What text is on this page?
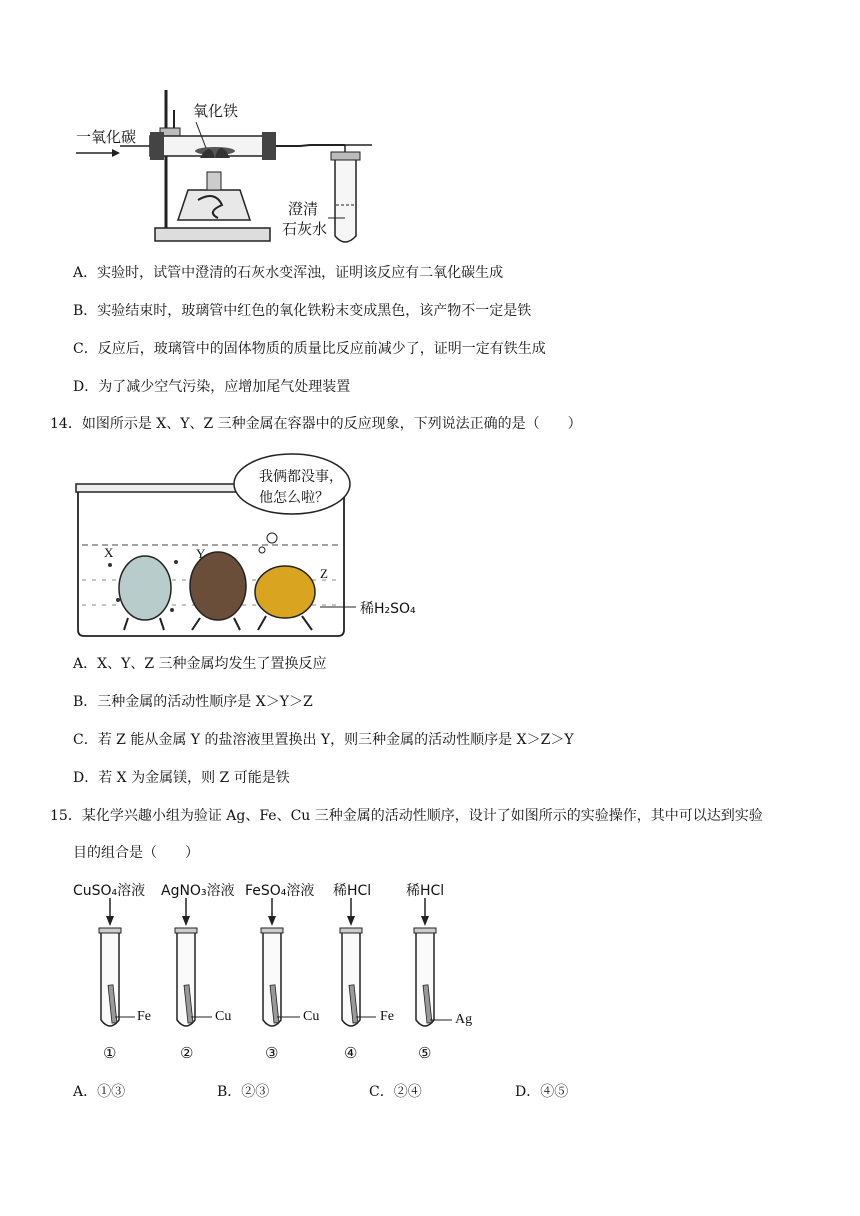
氧化铁
一氧化碳
澄清
石灰水
A．实验时，试管中澄清的石灰水变浑浊，证明该反应有二氧化碳生成
B．实验结束时，玻璃管中红色的氧化铁粉末变成黑色，该产物不一定是铁
C．反应后，玻璃管中的固体物质的质量比反应前减少了，证明一定有铁生成
D．为了减少空气污染，应增加尾气处理装置
14．如图所示是 X、Y、Z 三种金属在容器中的反应现象，下列说法正确的是（　　）
我俩都没事，
他怎么啦？
X	Y
Z
稀H₂SO₄
A．X、Y、Z 三种金属均发生了置换反应
B．三种金属的活动性顺序是 X＞Y＞Z
C．若 Z 能从金属 Y 的盐溶液里置换出 Y，则三种金属的活动性顺序是 X＞Z＞Y
D．若 X 为金属镁，则 Z 可能是铁
15．某化学兴趣小组为验证 Ag、Fe、Cu 三种金属的活动性顺序，设计了如图所示的实验操作，其中可以达到实验
目的组合是（　　）
CuSO₄溶液 AgNO₃溶液 FeSO₄溶液 稀HCl 稀HCl
Fe	Cu	Cu	Fe	Ag
①	②	③	④	⑤
A．①③	B．②③	C．②④	D．④⑤
